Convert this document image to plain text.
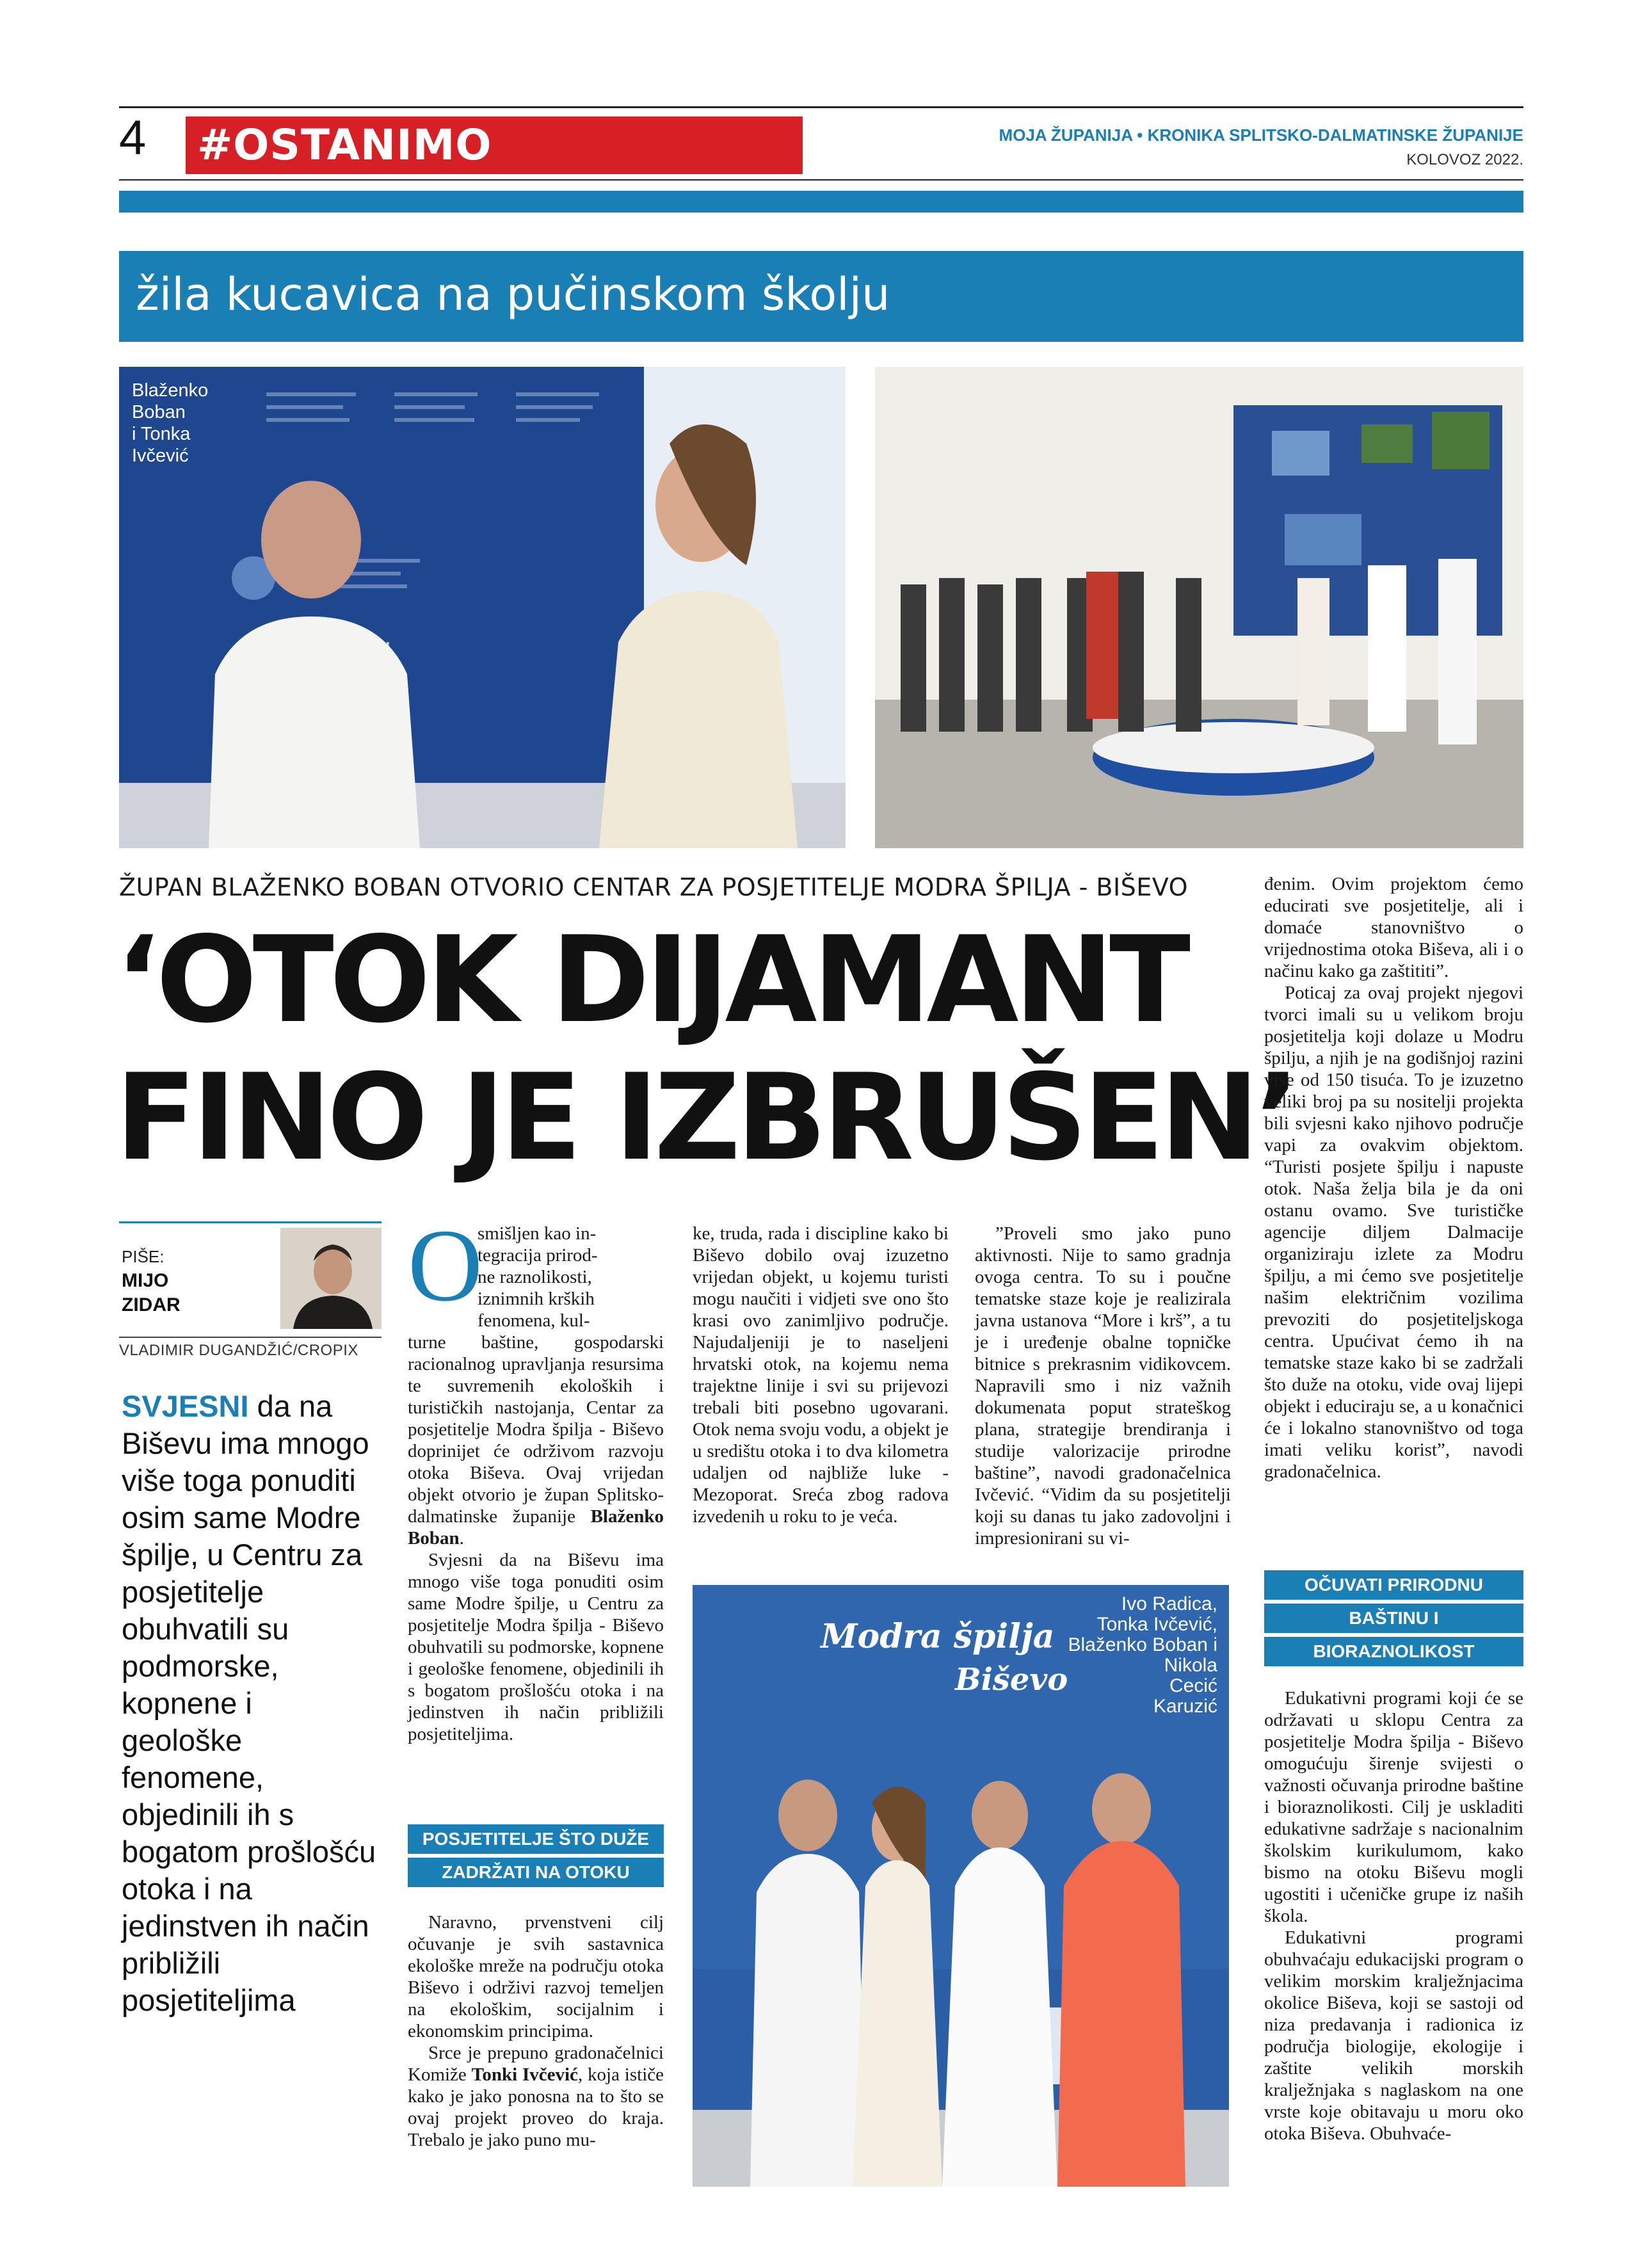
4 #OSTANIMO	MOJA ŽUPANIJA • KRONIKA SPLITSKO-DALMATINSKE ŽUPANIJE
KOLOVOZ 2022.
žila kucavica na pučinskom školju
Blaženko
Boban
i Tonka
Ivčević
ŽUPAN BLAŽENKO BOBAN OTVORIO CENTAR ZA POSJETITELJE MODRA ŠPILJA - BIŠEVO
‘OTOK DIJAMANT
FINO JE IZBRUŠEN’
PIŠE:
MIJO
ZIDAR
VLADIMIR DUGANDŽIĆ/CROPIX
SVJESNI da na Biševu ima mnogo više toga ponuditi osim same Modre špilje, u Centru za posjetitelje obuhvatili su podmorske, kopnene i geološke fenomene, objedinili ih s bogatom prošlošću otoka i na jedinstven ih način približili posjetiteljima
O
smišljen kao in-
tegracija prirod-
ne raznolikosti,
iznimnih krških
fenomena, kul-

turne baštine, gospodarski racionalnog upravljanja resursima te suvremenih ekoloških i turističkih nastojanja, Centar za posjetitelje Modra špilja - Biševo doprinijet će održivom razvoju otoka Biševa. Ovaj vrijedan objekt otvorio je župan Splitsko-dalmatinske županije Blaženko Boban.

Svjesni da na Biševu ima mnogo više toga ponuditi osim same Modre špilje, u Centru za posjetitelje Modra špilja - Biševo obuhvatili su podmorske, kopnene i geološke fenomene, objedinili ih s bogatom prošlošću otoka i na jedinstven ih način približili posjetiteljima.

POSJETITELJE ŠTO DUŽE
ZADRŽATI NA OTOKU

Naravno, prvenstveni cilj očuvanje je svih sastavnica ekološke mreže na području otoka Biševo i održivi razvoj temeljen na ekološkim, socijalnim i ekonomskim principima.

Srce je prepuno gradonačelnici Komiže Tonki Ivčević, koja ističe kako je jako ponosna na to što se ovaj projekt proveo do kraja. Trebalo je jako puno mu-

ke, truda, rada i discipline kako bi Biševo dobilo ovaj izuzetno vrijedan objekt, u kojemu turisti mogu naučiti i vidjeti sve ono što krasi ovo zanimljivo područje. Najudaljeniji je to naseljeni hrvatski otok, na kojemu nema trajektne linije i svi su prijevozi trebali biti posebno ugovarani. Otok nema svoju vodu, a objekt je u središtu otoka i to dva kilometra udaljen od najbliže luke - Mezoporat. Sreća zbog radova izvedenih u roku to je veća.

”Proveli smo jako puno aktivnosti. Nije to samo gradnja ovoga centra. To su i poučne tematske staze koje je realizirala javna ustanova “More i krš”, a tu je i uređenje obalne topničke bitnice s prekrasnim vidikovcem. Napravili smo i niz važnih dokumenata poput strateškog plana, strategije brendiranja i studije valorizacije prirodne baštine”, navodi gradonačelnica Ivčević. “Vidim da su posjetitelji koji su danas tu jako zadovoljni i impresionirani su vi-

Modra špilja
Biševo
Ivo Radica,
Tonka Ivčević,
Blaženko Boban i
Nikola
Cecić
Karuzić

đenim. Ovim projektom ćemo educirati sve posjetitelje, ali i domaće stanovništvo o vrijednostima otoka Biševa, ali i o načinu kako ga zaštititi”.

Poticaj za ovaj projekt njegovi tvorci imali su u velikom broju posjetitelja koji dolaze u Modru špilju, a njih je na godišnjoj razini više od 150 tisuća. To je izuzetno veliki broj pa su nositelji projekta bili svjesni kako njihovo područje vapi za ovakvim objektom. “Turisti posjete špilju i napuste otok. Naša želja bila je da oni ostanu ovamo. Sve turističke agencije diljem Dalmacije organiziraju izlete za Modru špilju, a mi ćemo sve posjetitelje našim električnim vozilima prevoziti do posjetiteljskoga centra. Upućivat ćemo ih na tematske staze kako bi se zadržali što duže na otoku, vide ovaj lijepi objekt i educiraju se, a u konačnici će i lokalno stanovništvo od toga imati veliku korist”, navodi gradonačelnica.

OČUVATI PRIRODNU
BAŠTINU I
BIORAZNOLIKOST

Edukativni programi koji će se održavati u sklopu Centra za posjetitelje Modra špilja - Biševo omogućuju širenje svijesti o važnosti očuvanja prirodne baštine i bioraznolikosti. Cilj je uskladiti edukativne sadržaje s nacionalnim školskim kurikulumom, kako bismo na otoku Biševu mogli ugostiti i učeničke grupe iz naših škola.

Edukativni programi obuhvaćaju edukacijski program o velikim morskim kralježnjacima okolice Biševa, koji se sastoji od niza predavanja i radionica iz područja biologije, ekologije i zaštite velikih morskih kralježnjaka s naglaskom na one vrste koje obitavaju u moru oko otoka Biševa. Obuhvaće-
